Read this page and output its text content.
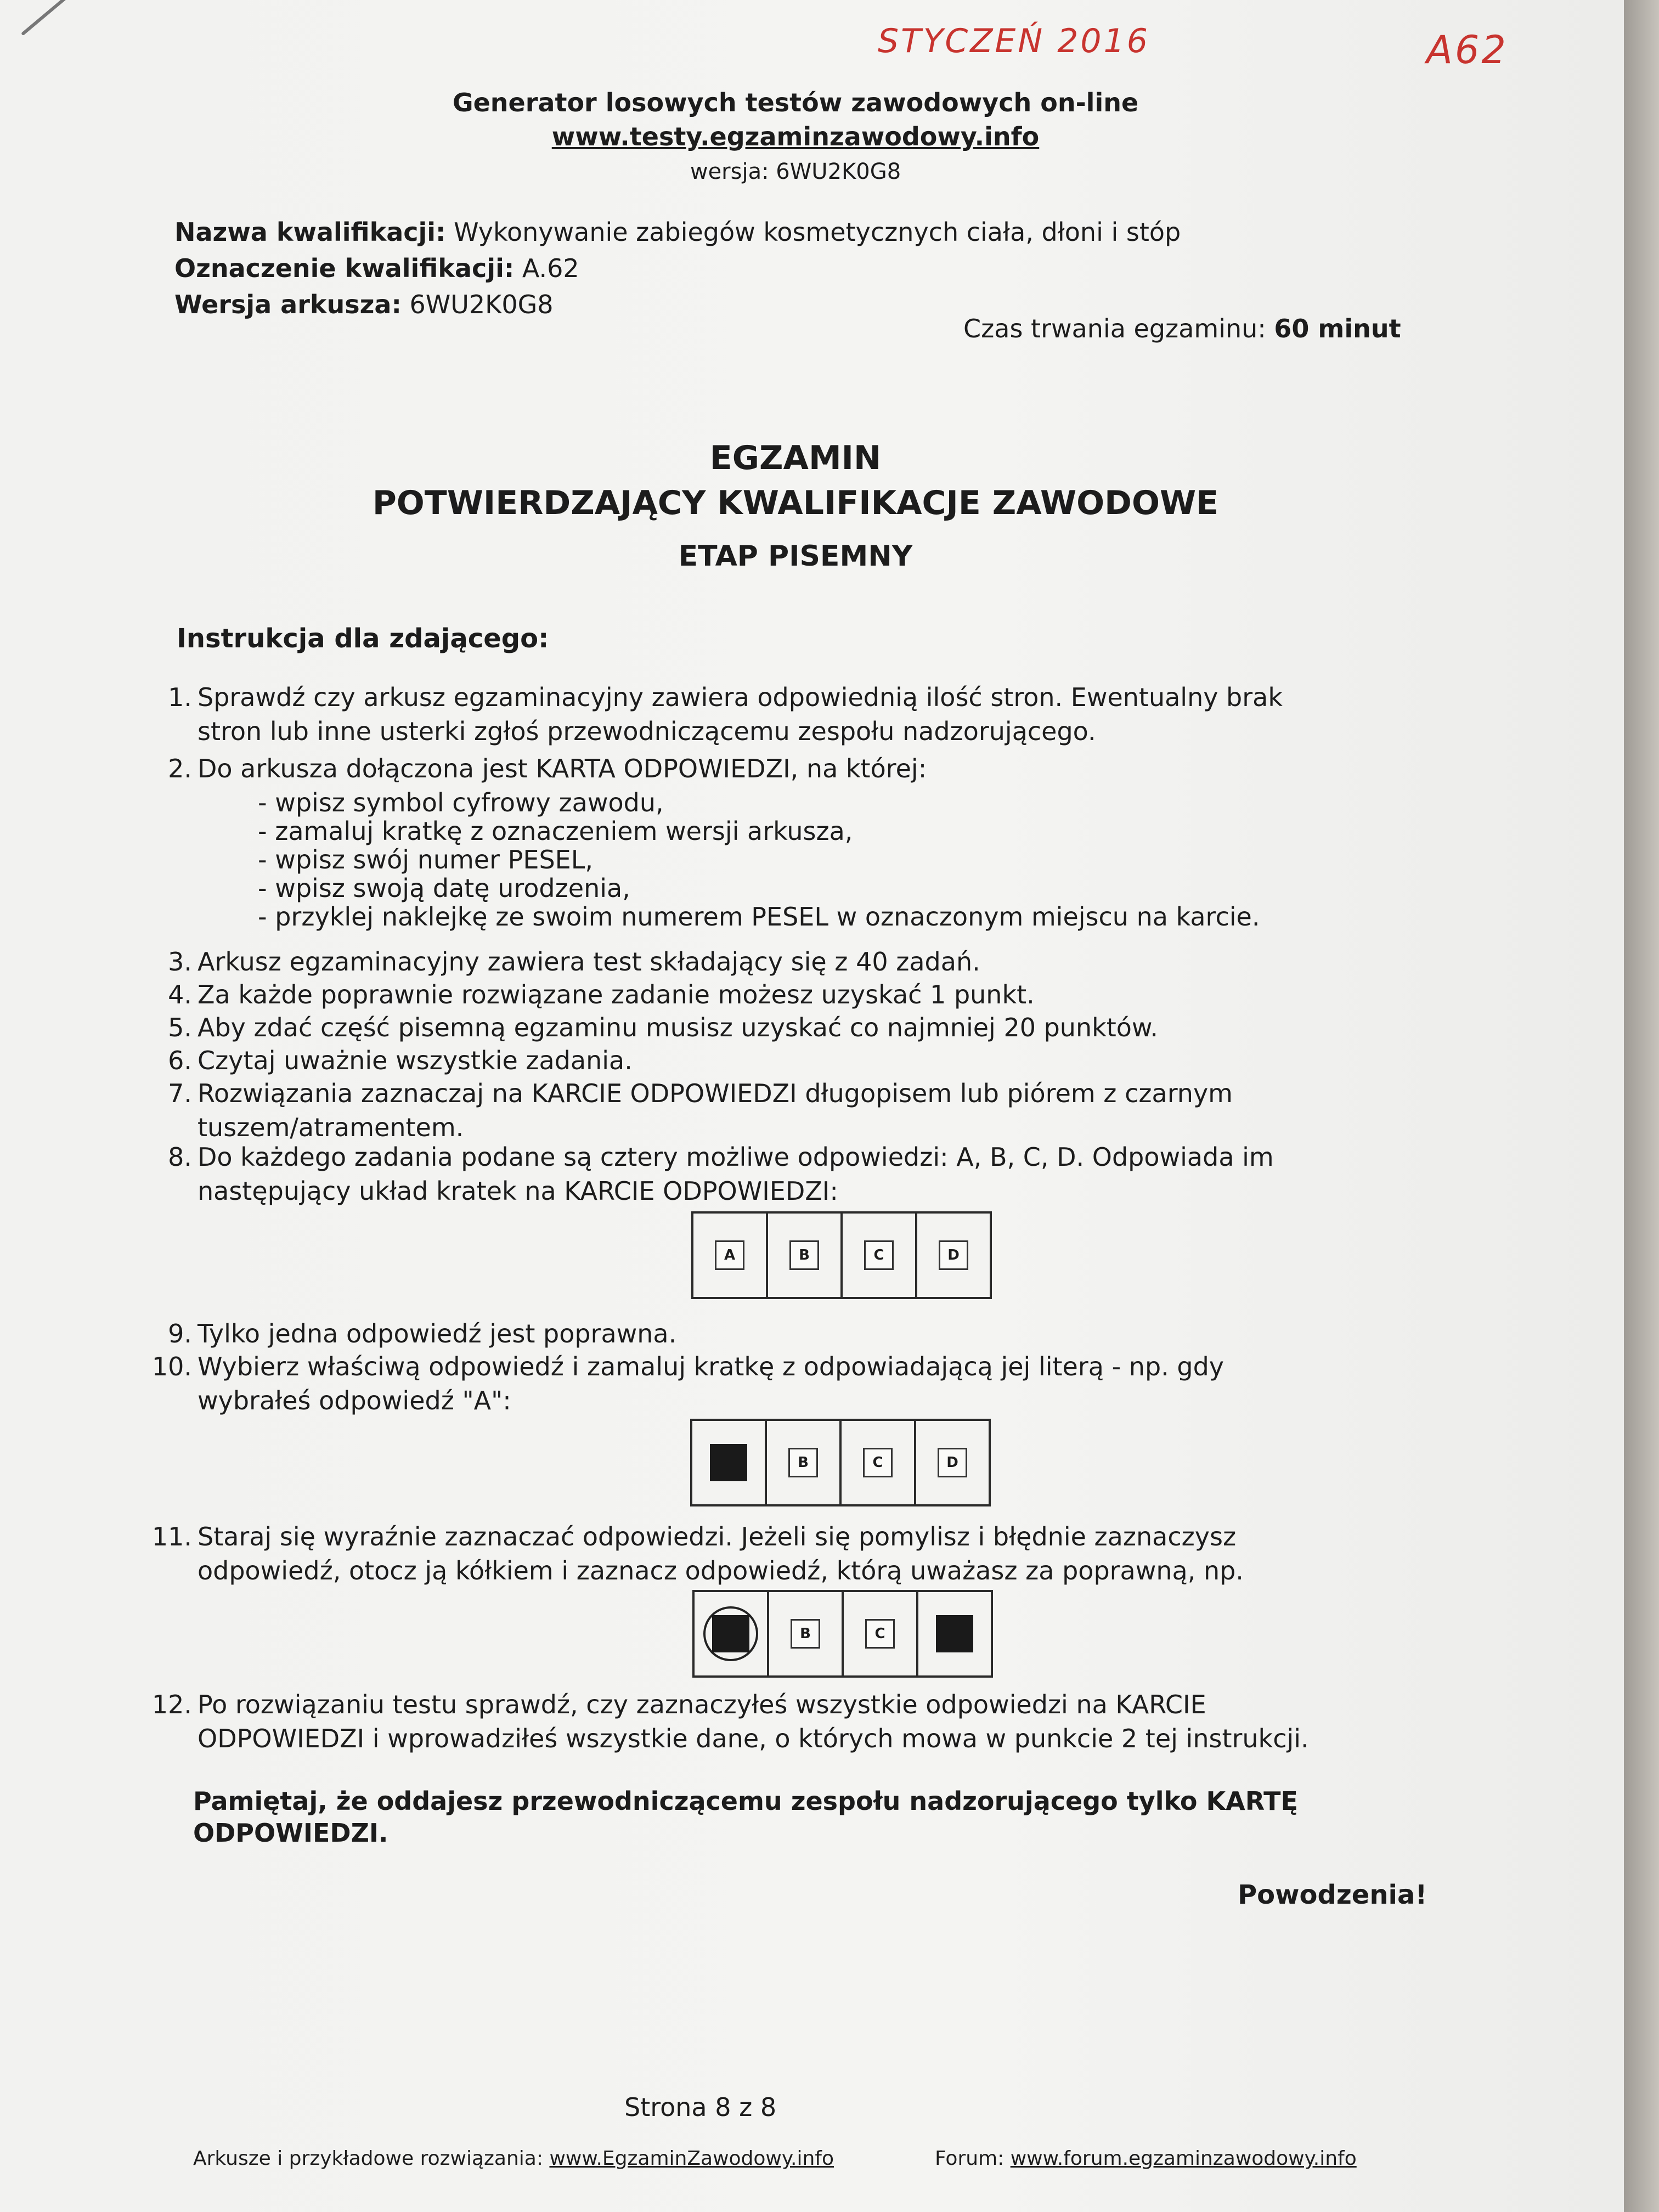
STYCZEŃ 2016	A62
Generator losowych testów zawodowych on-line
www.testy.egzaminzawodowy.info
wersja: 6WU2K0G8
Nazwa kwalifikacji: Wykonywanie zabiegów kosmetycznych ciała, dłoni i stóp
Oznaczenie kwalifikacji: A.62
Wersja arkusza: 6WU2K0G8
Czas trwania egzaminu: 60 minut
EGZAMIN
POTWIERDZAJĄCY KWALIFIKACJE ZAWODOWE
ETAP PISEMNY
Instrukcja dla zdającego:
1. Sprawdź czy arkusz egzaminacyjny zawiera odpowiednią ilość stron. Ewentualny brak
stron lub inne usterki zgłoś przewodniczącemu zespołu nadzorującego.
2. Do arkusza dołączona jest KARTA ODPOWIEDZI, na której:
- wpisz symbol cyfrowy zawodu,
- zamaluj kratkę z oznaczeniem wersji arkusza,
- wpisz swój numer PESEL,
- wpisz swoją datę urodzenia,
- przyklej naklejkę ze swoim numerem PESEL w oznaczonym miejscu na karcie.
3. Arkusz egzaminacyjny zawiera test składający się z 40 zadań.
4. Za każde poprawnie rozwiązane zadanie możesz uzyskać 1 punkt.
5. Aby zdać część pisemną egzaminu musisz uzyskać co najmniej 20 punktów.
6. Czytaj uważnie wszystkie zadania.
7. Rozwiązania zaznaczaj na KARCIE ODPOWIEDZI długopisem lub piórem z czarnym
tuszem/atramentem.
8. Do każdego zadania podane są cztery możliwe odpowiedzi: A, B, C, D. Odpowiada im
następujący układ kratek na KARCIE ODPOWIEDZI:
A	B	C	D
9. Tylko jedna odpowiedź jest poprawna.
10. Wybierz właściwą odpowiedź i zamaluj kratkę z odpowiadającą jej literą - np. gdy
wybrałeś odpowiedź "A":
B	C	D
11. Staraj się wyraźnie zaznaczać odpowiedzi. Jeżeli się pomylisz i błędnie zaznaczysz
odpowiedź, otocz ją kółkiem i zaznacz odpowiedź, którą uważasz za poprawną, np.
B	C
12. Po rozwiązaniu testu sprawdź, czy zaznaczyłeś wszystkie odpowiedzi na KARCIE
ODPOWIEDZI i wprowadziłeś wszystkie dane, o których mowa w punkcie 2 tej instrukcji.
Pamiętaj, że oddajesz przewodniczącemu zespołu nadzorującego tylko KARTĘ ODPOWIEDZI.
Powodzenia!
Strona 8 z 8
Arkusze i przykładowe rozwiązania: www.EgzaminZawodowy.info	Forum: www.forum.egzaminzawodowy.info
